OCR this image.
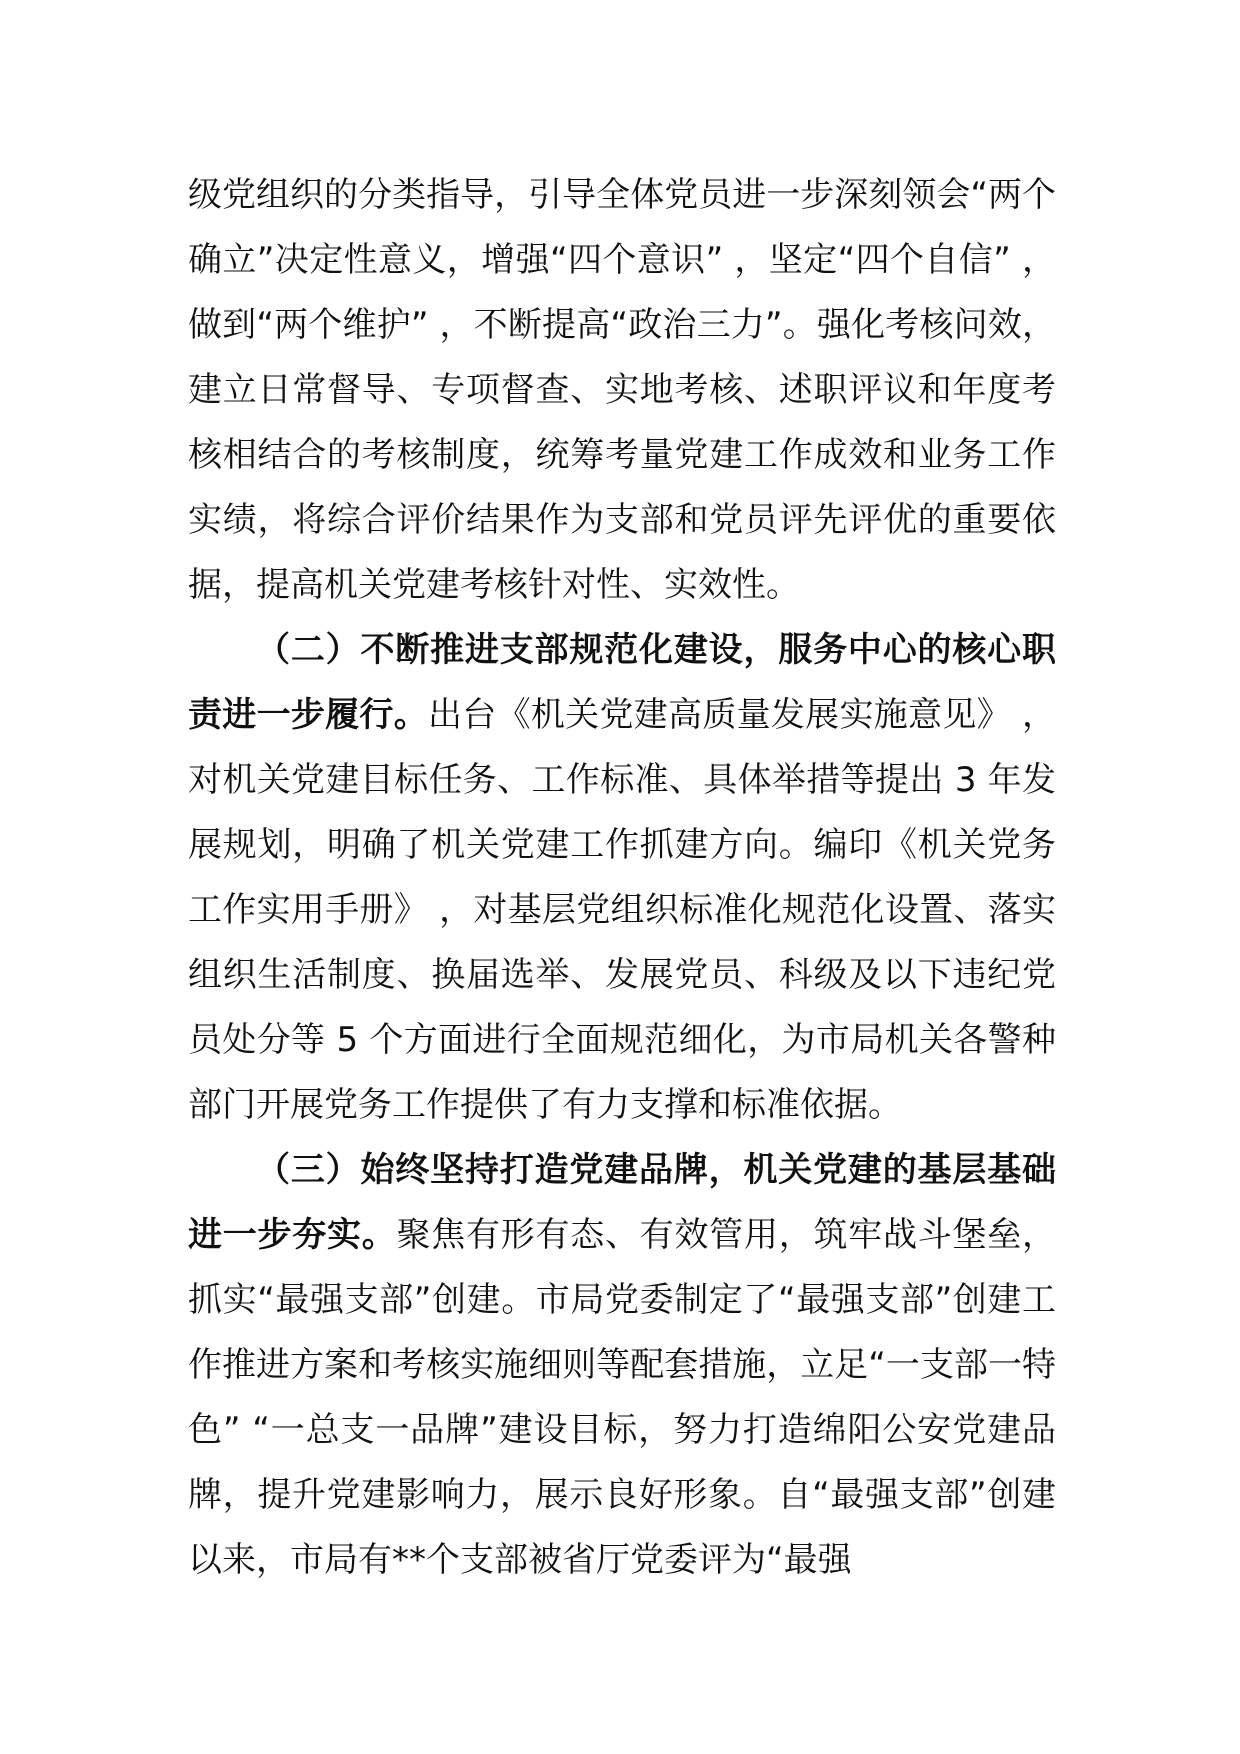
级党组织的分类指导，引导全体党员进一步深刻领会“两个确立”决定性意义，增强“四个意识” ，坚定“四个自信” ，做到“两个维护” ，不断提高“政治三力”。强化考核问效，建立日常督导、专项督查、实地考核、述职评议和年度考核相结合的考核制度，统筹考量党建工作成效和业务工作实绩，将综合评价结果作为支部和党员评先评优的重要依据，提高机关党建考核针对性、实效性。

（二）不断推进支部规范化建设，服务中心的核心职责进一步履行。出台《机关党建高质量发展实施意见》 ，对机关党建目标任务、工作标准、具体举措等提出 3 年发展规划，明确了机关党建工作抓建方向。编印《机关党务工作实用手册》 ，对基层党组织标准化规范化设置、落实组织生活制度、换届选举、发展党员、科级及以下违纪党员处分等 5 个方面进行全面规范细化，为市局机关各警种部门开展党务工作提供了有力支撑和标准依据。

（三）始终坚持打造党建品牌，机关党建的基层基础进一步夯实。聚焦有形有态、有效管用，筑牢战斗堡垒，抓实“最强支部”创建。市局党委制定了“最强支部”创建工作推进方案和考核实施细则等配套措施，立足“一支部一特色” “一总支一品牌”建设目标，努力打造绵阳公安党建品牌，提升党建影响力，展示良好形象。自“最强支部”创建以来，市局有**个支部被省厅党委评为“最强
